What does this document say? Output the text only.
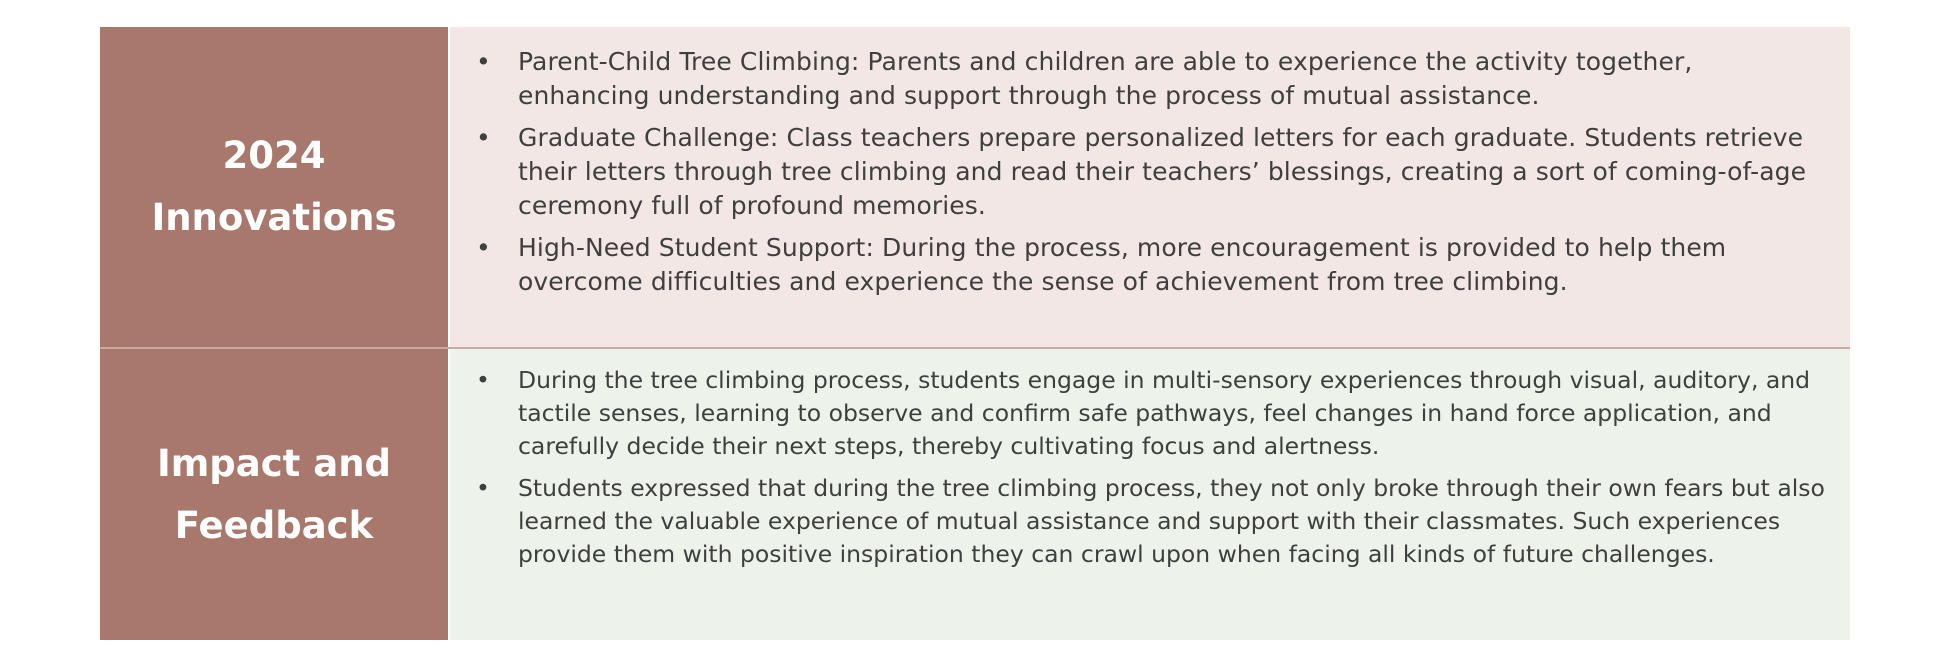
2024
Innovations
• Parent-Child Tree Climbing: Parents and children are able to experience the activity together, enhancing understanding and support through the process of mutual assistance.
• Graduate Challenge: Class teachers prepare personalized letters for each graduate. Students retrieve their letters through tree climbing and read their teachers’ blessings, creating a sort of coming-of-age ceremony full of profound memories.
• High-Need Student Support: During the process, more encouragement is provided to help them overcome difficulties and experience the sense of achievement from tree climbing.
Impact and
Feedback
• During the tree climbing process, students engage in multi-sensory experiences through visual, auditory, and tactile senses, learning to observe and confirm safe pathways, feel changes in hand force application, and carefully decide their next steps, thereby cultivating focus and alertness.
• Students expressed that during the tree climbing process, they not only broke through their own fears but also learned the valuable experience of mutual assistance and support with their classmates. Such experiences provide them with positive inspiration they can crawl upon when facing all kinds of future challenges.
